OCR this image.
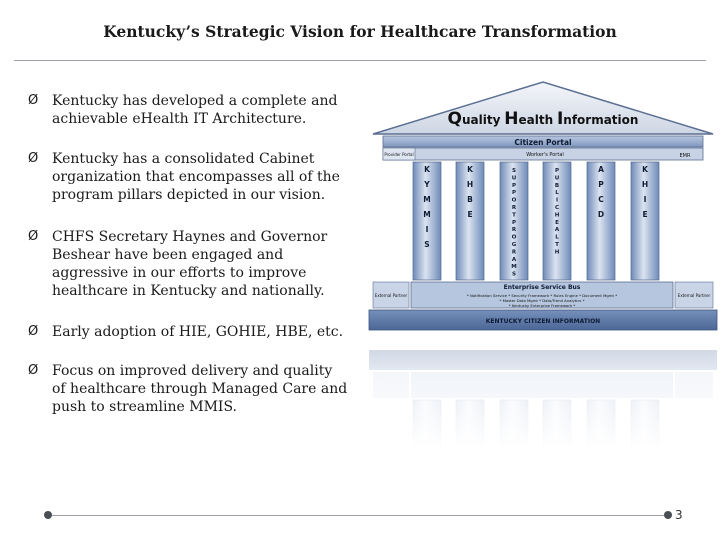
Kentucky’s Strategic Vision for Healthcare Transformation
3
Ø Kentucky has developed a complete and
achievable eHealth IT Architecture.
Ø Kentucky has a consolidated Cabinet
organization that encompasses all of the
program pillars depicted in our vision.
Ø CHFS Secretary Haynes and Governor
Beshear have been engaged and
aggressive in our efforts to improve
healthcare in Kentucky and nationally.
Ø Early adoption of HIE, GOHIE, HBE, etc.
Ø Focus on improved delivery and quality
of healthcare through Managed Care and
push to streamline MMIS.
Quality Health Information
Citizen Portal
Provider Portal	Worker's Portal	EMR
K
Y
M
M
I
S
K
H
B
E
S
U
P
P
O
R
T
P
R
O
G
R
A
M
S
P
U
B
L
I
C
H
E
A
L
T
H
A
P
C
D
K
H
I
E
Enterprise Service Bus
* Notification Service * Security Framework * Rules Engine * Document Mgmt *
* Master Data Mgmt * Data/Trend Analytics *
* Kentucky Enterprise Framework *
External Partner	External Partner
KENTUCKY CITIZEN INFORMATION
